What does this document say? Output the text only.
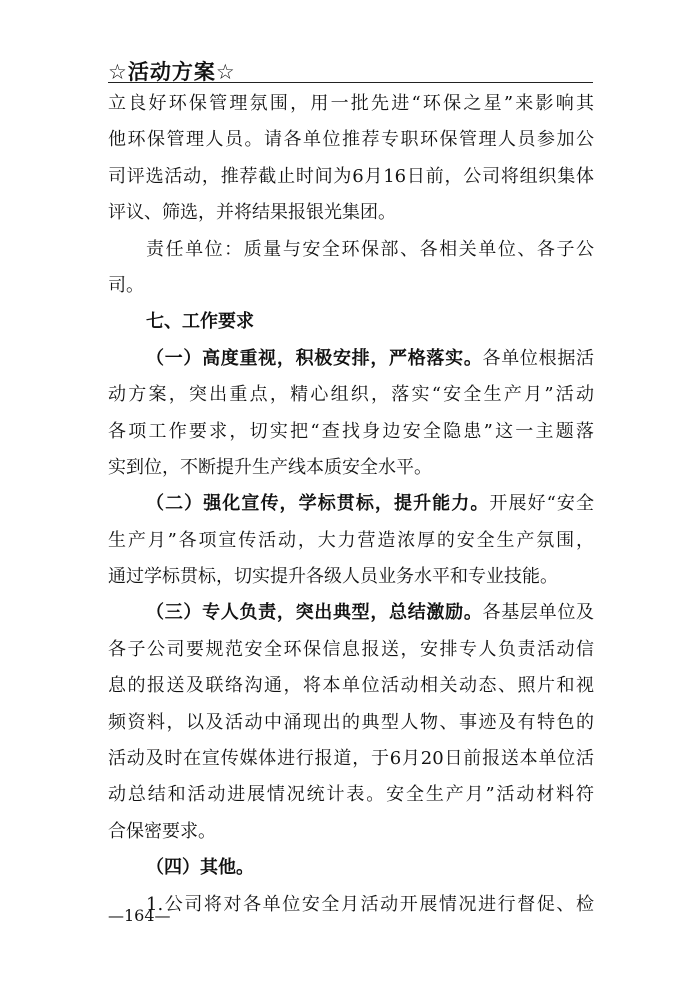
☆活动方案☆
立良好环保管理氛围，用一批先进“环保之星”来影响其
他环保管理人员。请各单位推荐专职环保管理人员参加公
司评选活动，推荐截止时间为6月16日前，公司将组织集体
评议、筛选，并将结果报银光集团。
责任单位：质量与安全环保部、各相关单位、各子公
司。
七、工作要求
（一）高度重视，积极安排，严格落实。各单位根据活
动方案，突出重点，精心组织，落实“安全生产月”活动
各项工作要求，切实把“查找身边安全隐患”这一主题落
实到位，不断提升生产线本质安全水平。
（二）强化宣传，学标贯标，提升能力。开展好“安全
生产月”各项宣传活动，大力营造浓厚的安全生产氛围，
通过学标贯标，切实提升各级人员业务水平和专业技能。
（三）专人负责，突出典型，总结激励。各基层单位及
各子公司要规范安全环保信息报送，安排专人负责活动信
息的报送及联络沟通，将本单位活动相关动态、照片和视
频资料，以及活动中涌现出的典型人物、事迹及有特色的
活动及时在宣传媒体进行报道，于6月20日前报送本单位活
动总结和活动进展情况统计表。安全生产月”活动材料符
合保密要求。
（四）其他。
1.公司将对各单位安全月活动开展情况进行督促、检
—164—
